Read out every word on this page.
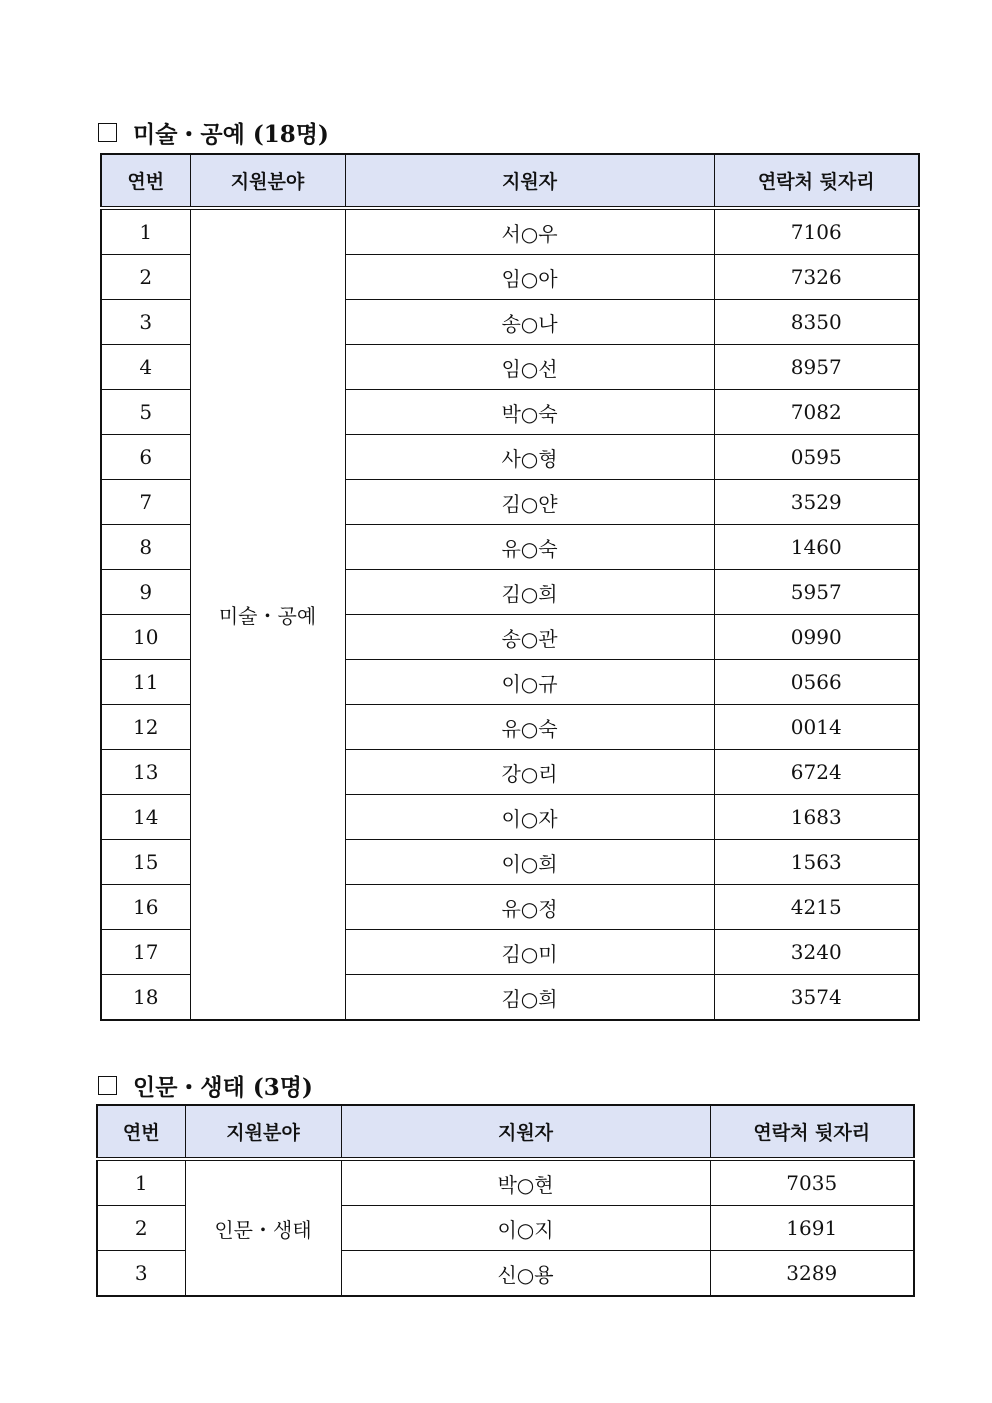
미술・공예 (18명)
연번	지원분야	지원자	연락처 뒷자리
1	미술・공예	서○우	7106
2		임○아	7326
3		송○나	8350
4		임○선	8957
5		박○숙	7082
6		사○형	0595
7		김○얀	3529
8		유○숙	1460
9		김○희	5957
10		송○관	0990
11		이○규	0566
12		유○숙	0014
13		강○리	6724
14		이○자	1683
15		이○희	1563
16		유○정	4215
17		김○미	3240
18		김○희	3574
인문・생태 (3명)
연번	지원분야	지원자	연락처 뒷자리
1	인문・생태	박○현	7035
2		이○지	1691
3		신○용	3289
